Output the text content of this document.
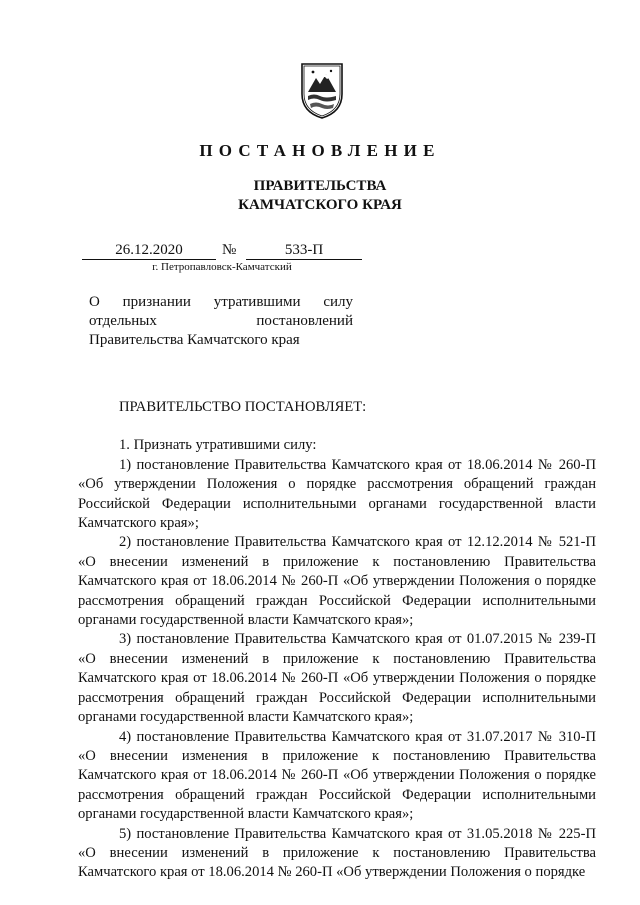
ПОСТАНОВЛЕНИЕ
ПРАВИТЕЛЬСТВА
КАМЧАТСКОГО КРАЯ
26.12.2020	№	533-П
г. Петропавловск-Камчатский
О признании утратившими силу
отдельных постановлений
Правительства Камчатского края

ПРАВИТЕЛЬСТВО ПОСТАНОВЛЯЕТ:

1. Признать утратившими силу:

1) постановление Правительства Камчатского края от 18.06.2014 № 260-П «Об утверждении Положения о порядке рассмотрения обращений граждан Российской Федерации исполнительными органами государственной власти Камчатского края»;

2) постановление Правительства Камчатского края от 12.12.2014 № 521-П «О внесении изменений в приложение к постановлению Правительства Камчатского края от 18.06.2014 № 260-П «Об утверждении Положения о порядке рассмотрения обращений граждан Российской Федерации исполнительными органами государственной власти Камчатского края»;

3) постановление Правительства Камчатского края от 01.07.2015 № 239-П «О внесении изменений в приложение к постановлению Правительства Камчатского края от 18.06.2014 № 260-П «Об утверждении Положения о порядке рассмотрения обращений граждан Российской Федерации исполнительными органами государственной власти Камчатского края»;

4) постановление Правительства Камчатского края от 31.07.2017 № 310-П «О внесении изменения в приложение к постановлению Правительства Камчатского края от 18.06.2014 № 260-П «Об утверждении Положения о порядке рассмотрения обращений граждан Российской Федерации исполнительными органами государственной власти Камчатского края»;

5) постановление Правительства Камчатского края от 31.05.2018 № 225-П «О внесении изменений в приложение к постановлению Правительства Камчатского края от 18.06.2014 № 260-П «Об утверждении Положения о порядке
